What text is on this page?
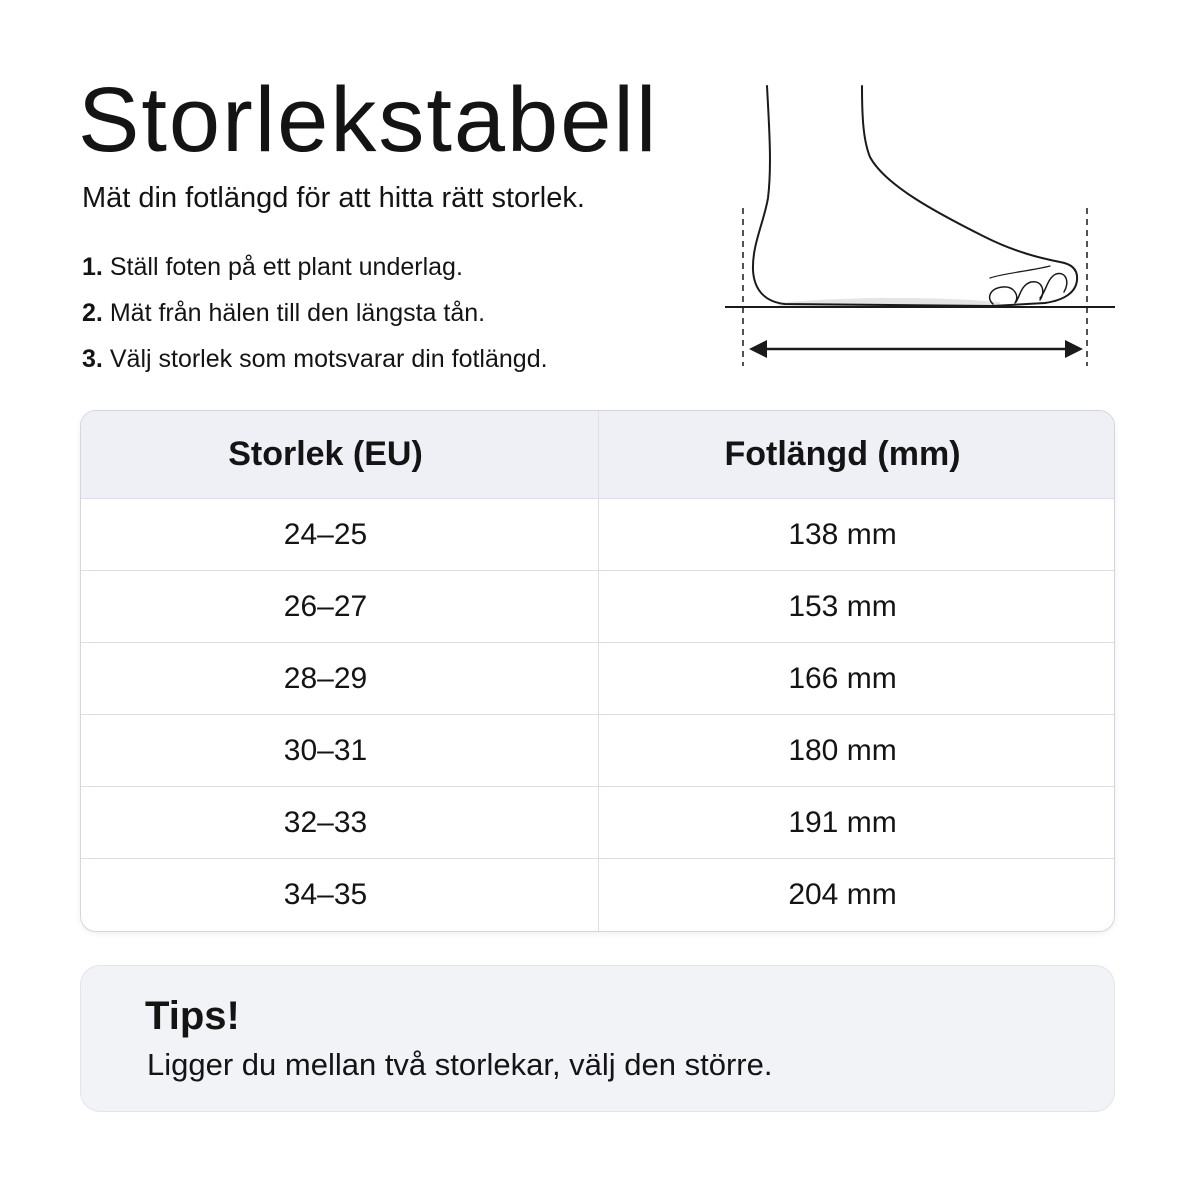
Storlekstabell
Mät din fotlängd för att hitta rätt storlek.
1. Ställ foten på ett plant underlag.
2. Mät från hälen till den längsta tån.
3. Välj storlek som motsvarar din fotlängd.
Storlek (EU)	Fotlängd (mm)
24–25	138 mm
26–27	153 mm
28–29	166 mm
30–31	180 mm
32–33	191 mm
34–35	204 mm
Tips!
Ligger du mellan två storlekar, välj den större.
